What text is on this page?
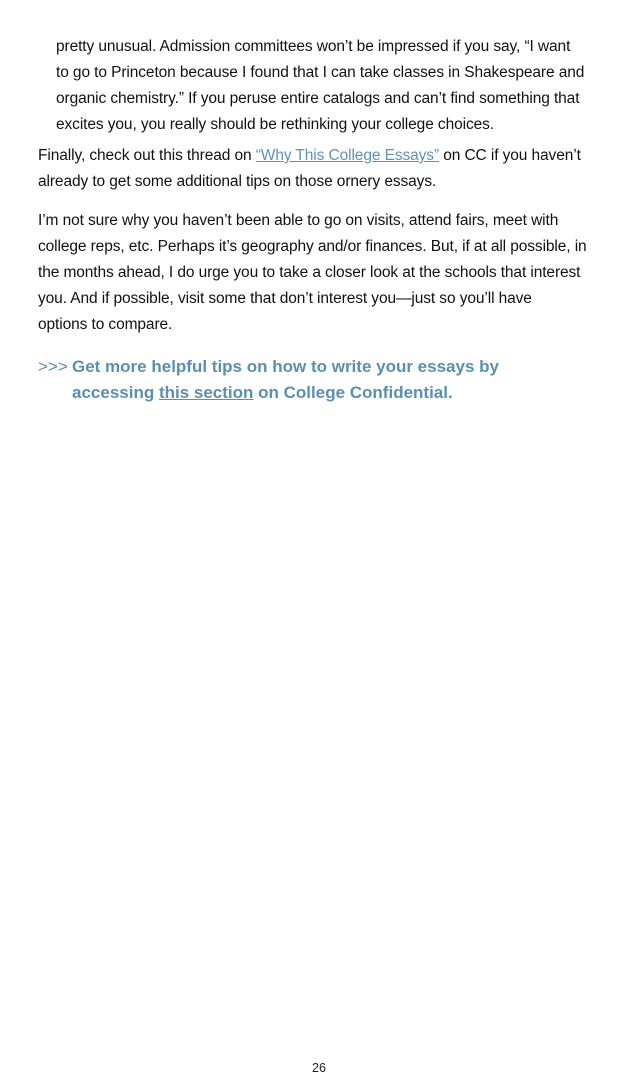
pretty unusual. Admission committees won’t be impressed if you say, “I want
to go to Princeton because I found that I can take classes in Shakespeare and
organic chemistry.” If you peruse entire catalogs and can’t find something that
excites you, you really should be rethinking your college choices.
Finally, check out this thread on “Why This College Essays” on CC if you haven’t
already to get some additional tips on those ornery essays.
I’m not sure why you haven’t been able to go on visits, attend fairs, meet with
college reps, etc. Perhaps it’s geography and/or finances. But, if at all possible, in
the months ahead, I do urge you to take a closer look at the schools that interest
you. And if possible, visit some that don’t interest you—just so you’ll have
options to compare.
>>> Get more helpful tips on how to write your essays by
accessing this section on College Confidential.
26
